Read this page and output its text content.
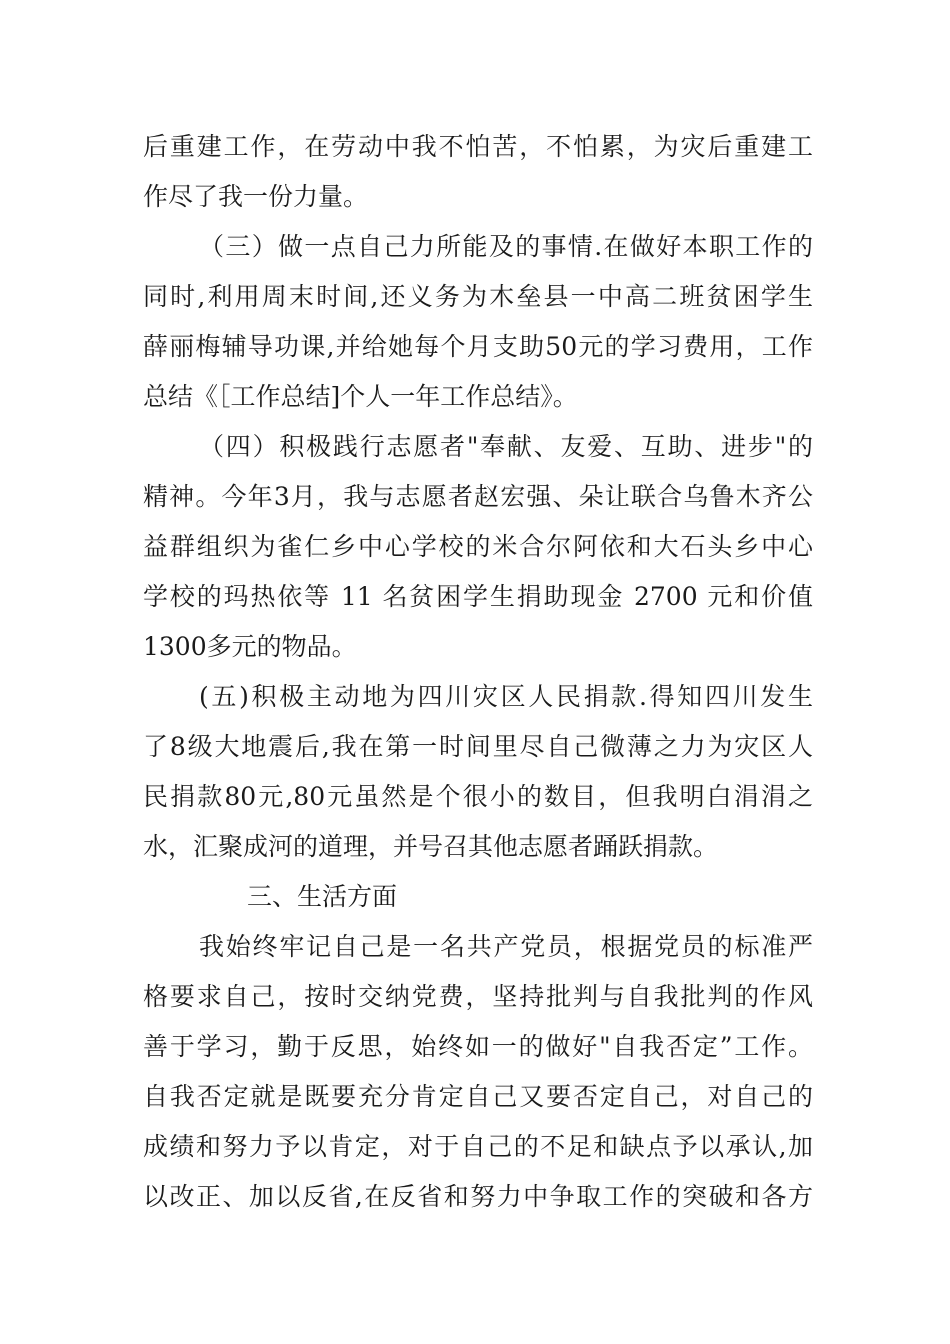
后重建工作，在劳动中我不怕苦，不怕累，为灾后重建工
作尽了我一份力量。
（三）做一点自己力所能及的事情.在做好本职工作的
同时,利用周末时间,还义务为木垒县一中高二班贫困学生
薛丽梅辅导功课,并给她每个月支助50元的学习费用，工作
总结《［工作总结]个人一年工作总结》。
（四）积极践行志愿者"奉献、友爱、互助、进步"的
精神。今年3月，我与志愿者赵宏强、朵让联合乌鲁木齐公
益群组织为雀仁乡中心学校的米合尔阿依和大石头乡中心
学校的玛热依等 11 名贫困学生捐助现金 2700 元和价值
1300多元的物品。
(五)积极主动地为四川灾区人民捐款.得知四川发生
了8级大地震后,我在第一时间里尽自己微薄之力为灾区人
民捐款80元,80元虽然是个很小的数目，但我明白涓涓之
水，汇聚成河的道理，并号召其他志愿者踊跃捐款。
三、生活方面
我始终牢记自己是一名共产党员，根据党员的标准严
格要求自己，按时交纳党费，坚持批判与自我批判的作风
善于学习，勤于反思，始终如一的做好"自我否定”工作。
自我否定就是既要充分肯定自己又要否定自己，对自己的
成绩和努力予以肯定，对于自己的不足和缺点予以承认,加
以改正、加以反省,在反省和努力中争取工作的突破和各方
